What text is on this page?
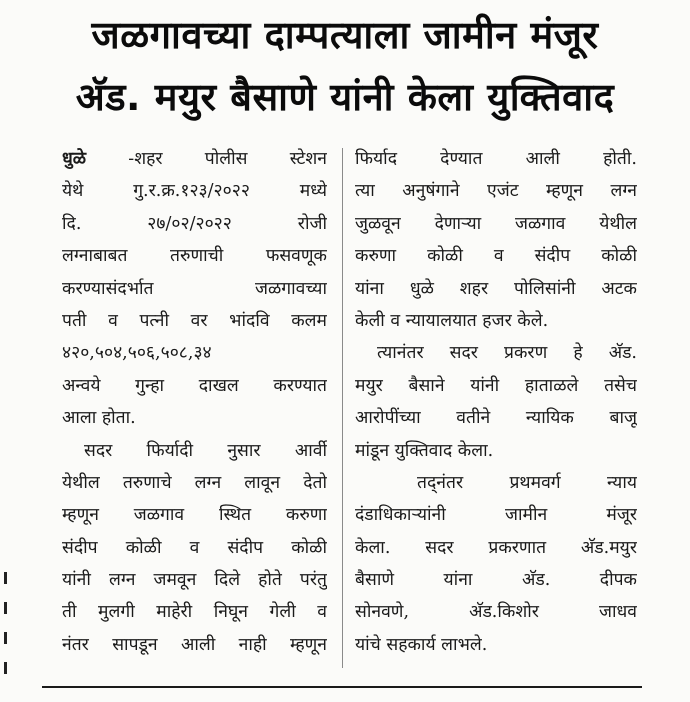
जळगावच्या दाम्पत्याला जामीन मंजूर
अ‍ॅड. मयुर बैसाणे यांनी केला युक्तिवाद
धुळे -शहर पोलीस स्टेशन
येथे गु.र.क्र.१२३/२०२२ मध्ये
दि. २७/०२/२०२२ रोजी
लग्नाबाबत तरुणाची फसवणूक
करण्यासंदर्भात जळगावच्या
पती व पत्नी वर भांदवि कलम
४२०,५०४,५०६,५०८,३४
अन्वये गुन्हा दाखल करण्यात
आला होता.
सदर फिर्यादी नुसार आर्वी
येथील तरुणाचे लग्न लावून देतो
म्हणून जळगाव स्थित करुणा
संदीप कोळी व संदीप कोळी
यांनी लग्न जमवून दिले होते परंतु
ती मुलगी माहेरी निघून गेली व
नंतर सापडून आली नाही म्हणून
फिर्याद देण्यात आली होती.
त्या अनुषंगाने एजंट म्हणून लग्न
जुळवून देणाऱ्या जळगाव येथील
करुणा कोळी व संदीप कोळी
यांना धुळे शहर पोलिसांनी अटक
केली व न्यायालयात हजर केले.
त्यानंतर सदर प्रकरण हे अ‍ॅड.
मयुर बैसाने यांनी हाताळले तसेच
आरोपींच्या वतीने न्यायिक बाजू
मांडून युक्तिवाद केला.
तद्नंतर प्रथमवर्ग न्याय
दंडाधिकाऱ्यांनी जामीन मंजूर
केला. सदर प्रकरणात अ‍ॅड.मयुर
बैसाणे यांना अ‍ॅड. दीपक
सोनवणे, अ‍ॅड.किशोर जाधव
यांचे सहकार्य लाभले.
